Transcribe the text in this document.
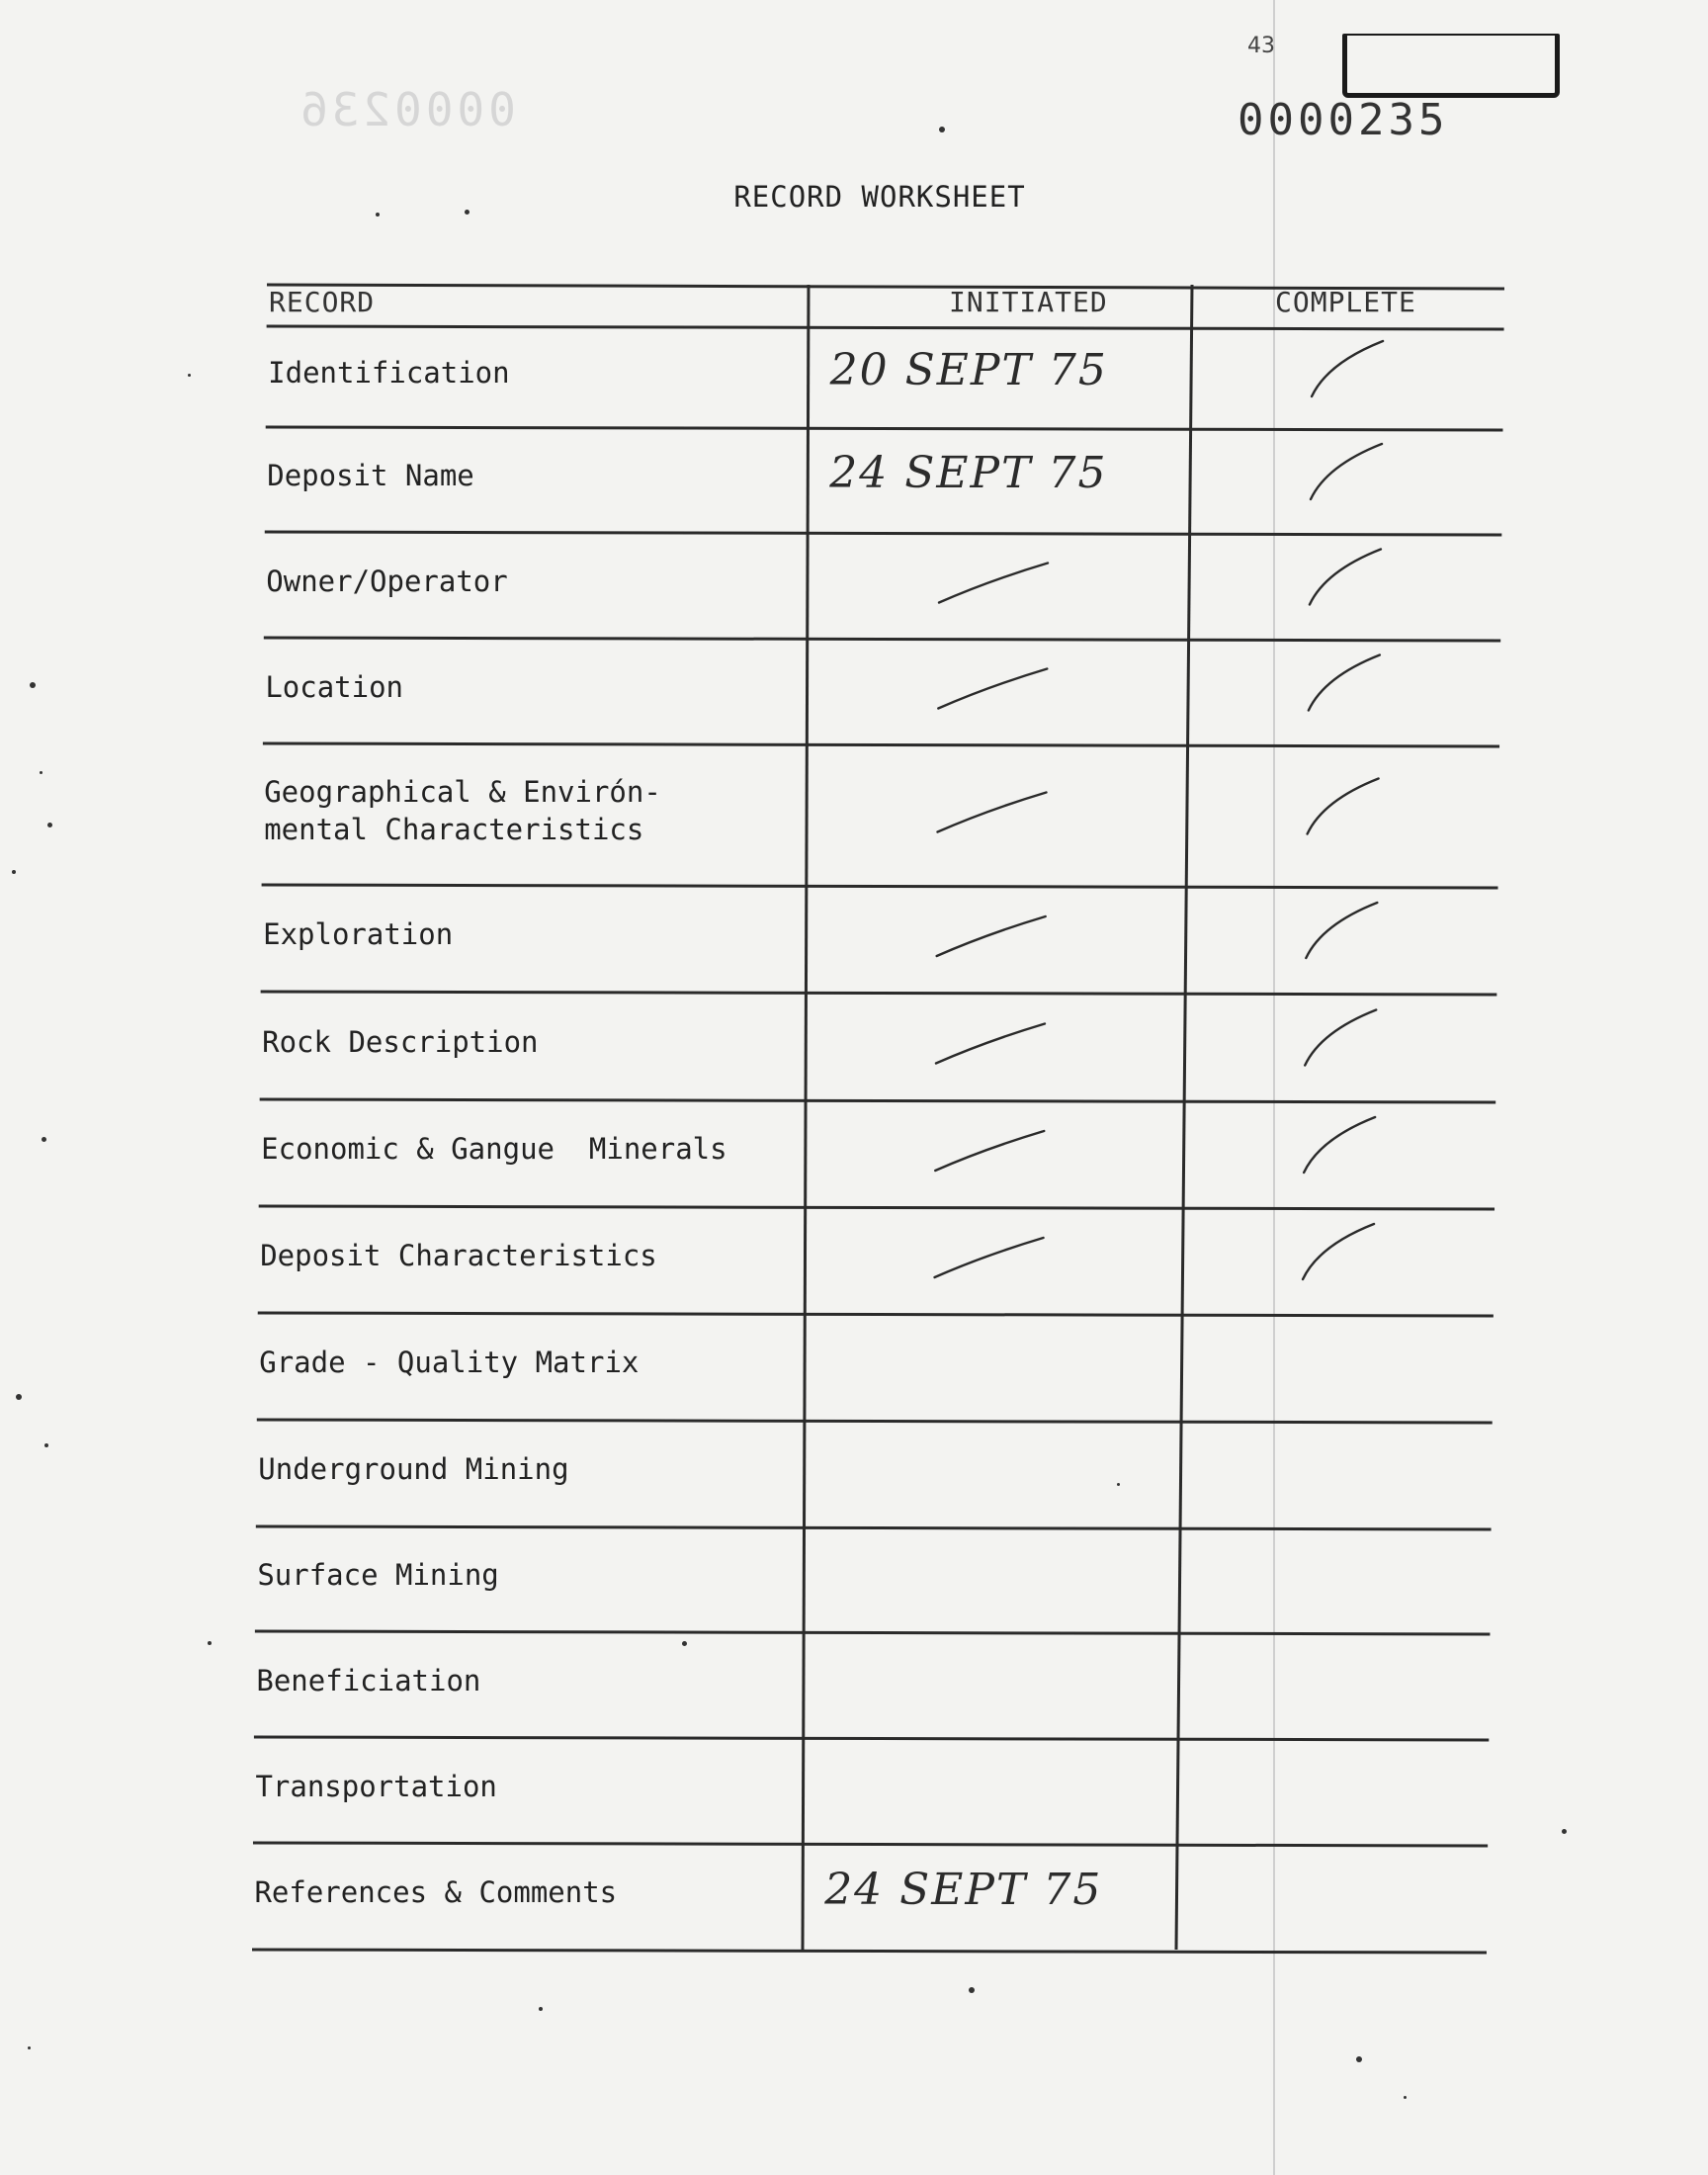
0000236
43
0000235
RECORD WORKSHEET
RECORD	INITIATED	COMPLETE
Identification	20 SEPT 75
Deposit Name	24 SEPT 75
Owner/Operator
Location
Geographical & Envirón-
mental Characteristics
Exploration
Rock Description
Economic & Gangue  Minerals
Deposit Characteristics
Grade - Quality Matrix
Underground Mining
Surface Mining
Beneficiation
Transportation
References & Comments	24 SEPT 75
